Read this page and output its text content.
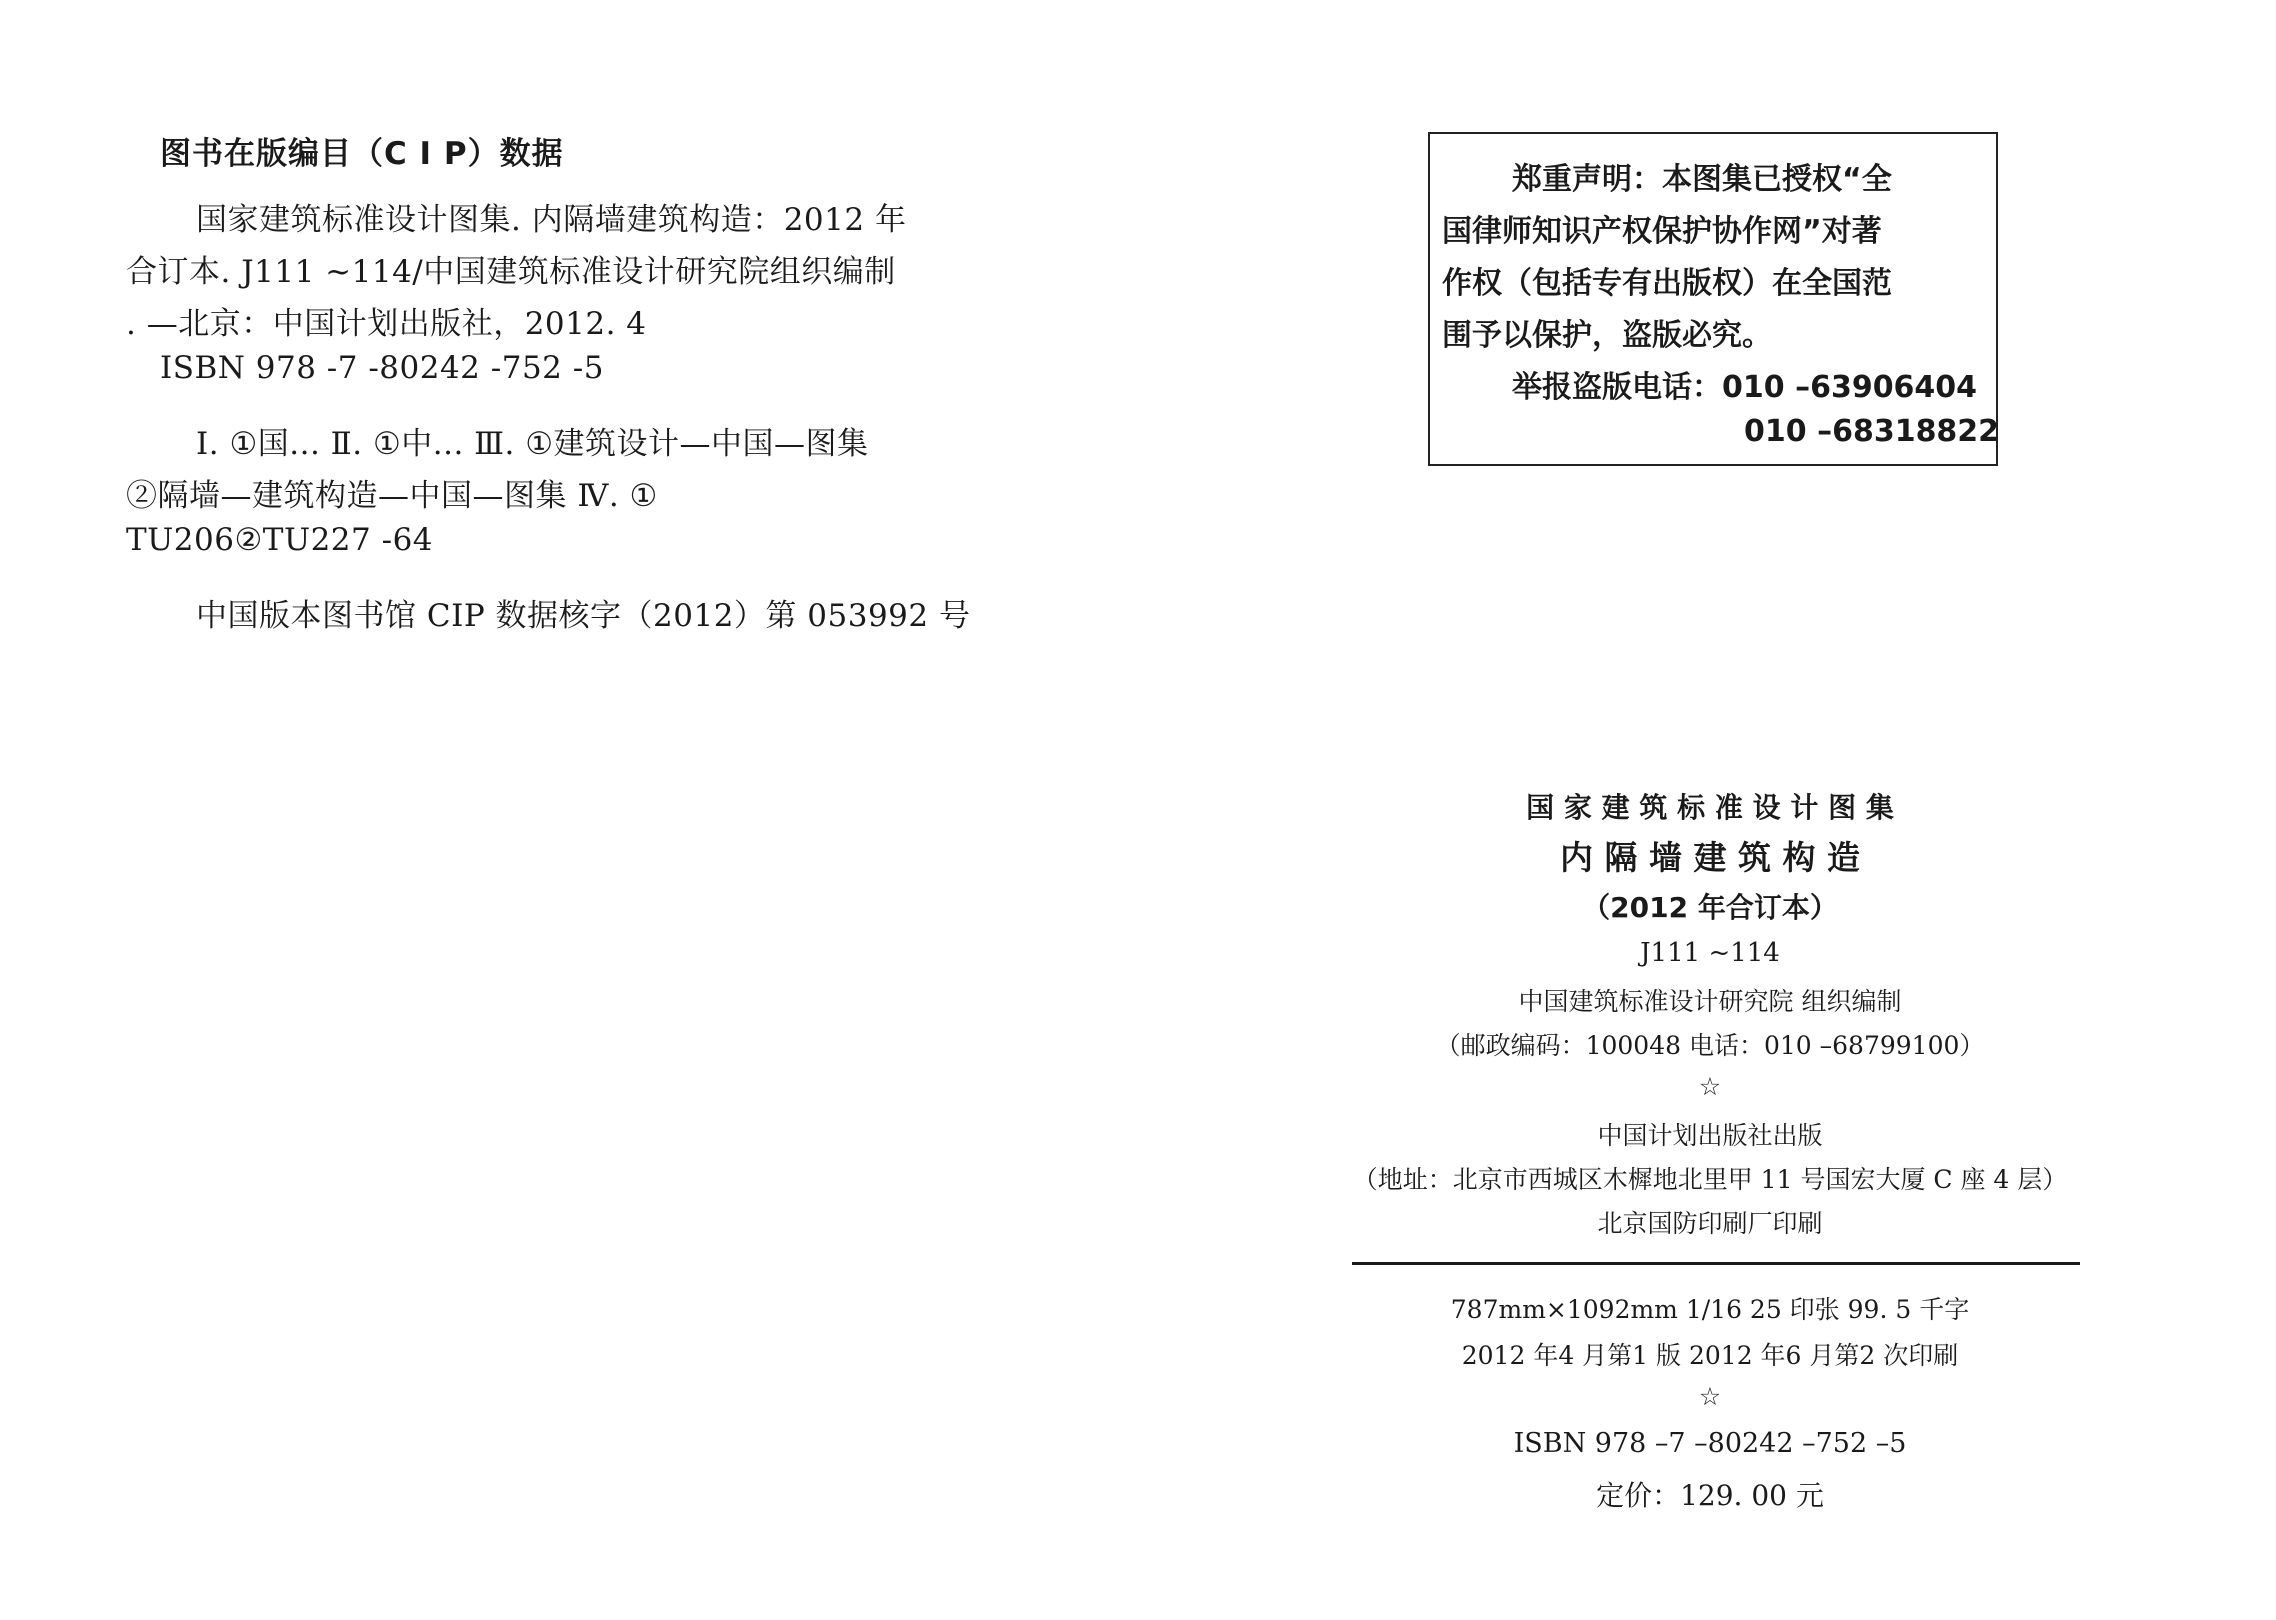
图书在版编目（C I P）数据
国家建筑标准设计图集. 内隔墙建筑构造：2012 年
合订本. J111 ~114/中国建筑标准设计研究院组织编制
. —北京：中国计划出版社，2012. 4
ISBN 978 -7 -80242 -752 -5
Ⅰ. ①国... Ⅱ. ①中... Ⅲ. ①建筑设计—中国—图集
②隔墙—建筑构造—中国—图集 Ⅳ. ①
TU206②TU227 -64
中国版本图书馆 CIP 数据核字（2012）第 053992 号
郑重声明：本图集已授权“全
国律师知识产权保护协作网”对著
作权（包括专有出版权）在全国范
围予以保护，盗版必究。
举报盗版电话：010 –63906404
010 –68318822
国 家 建 筑 标 准 设 计 图 集
内 隔 墙 建 筑 构 造
（2012 年合订本）
J111 ~114
中国建筑标准设计研究院 组织编制
（邮政编码：100048 电话：010 –68799100）
☆
中国计划出版社出版
（地址：北京市西城区木樨地北里甲 11 号国宏大厦 C 座 4 层）
北京国防印刷厂印刷
787mm×1092mm 1/16 25 印张 99. 5 千字
2012 年4 月第1 版 2012 年6 月第2 次印刷
☆
ISBN 978 –7 –80242 –752 –5
定价：129. 00 元
